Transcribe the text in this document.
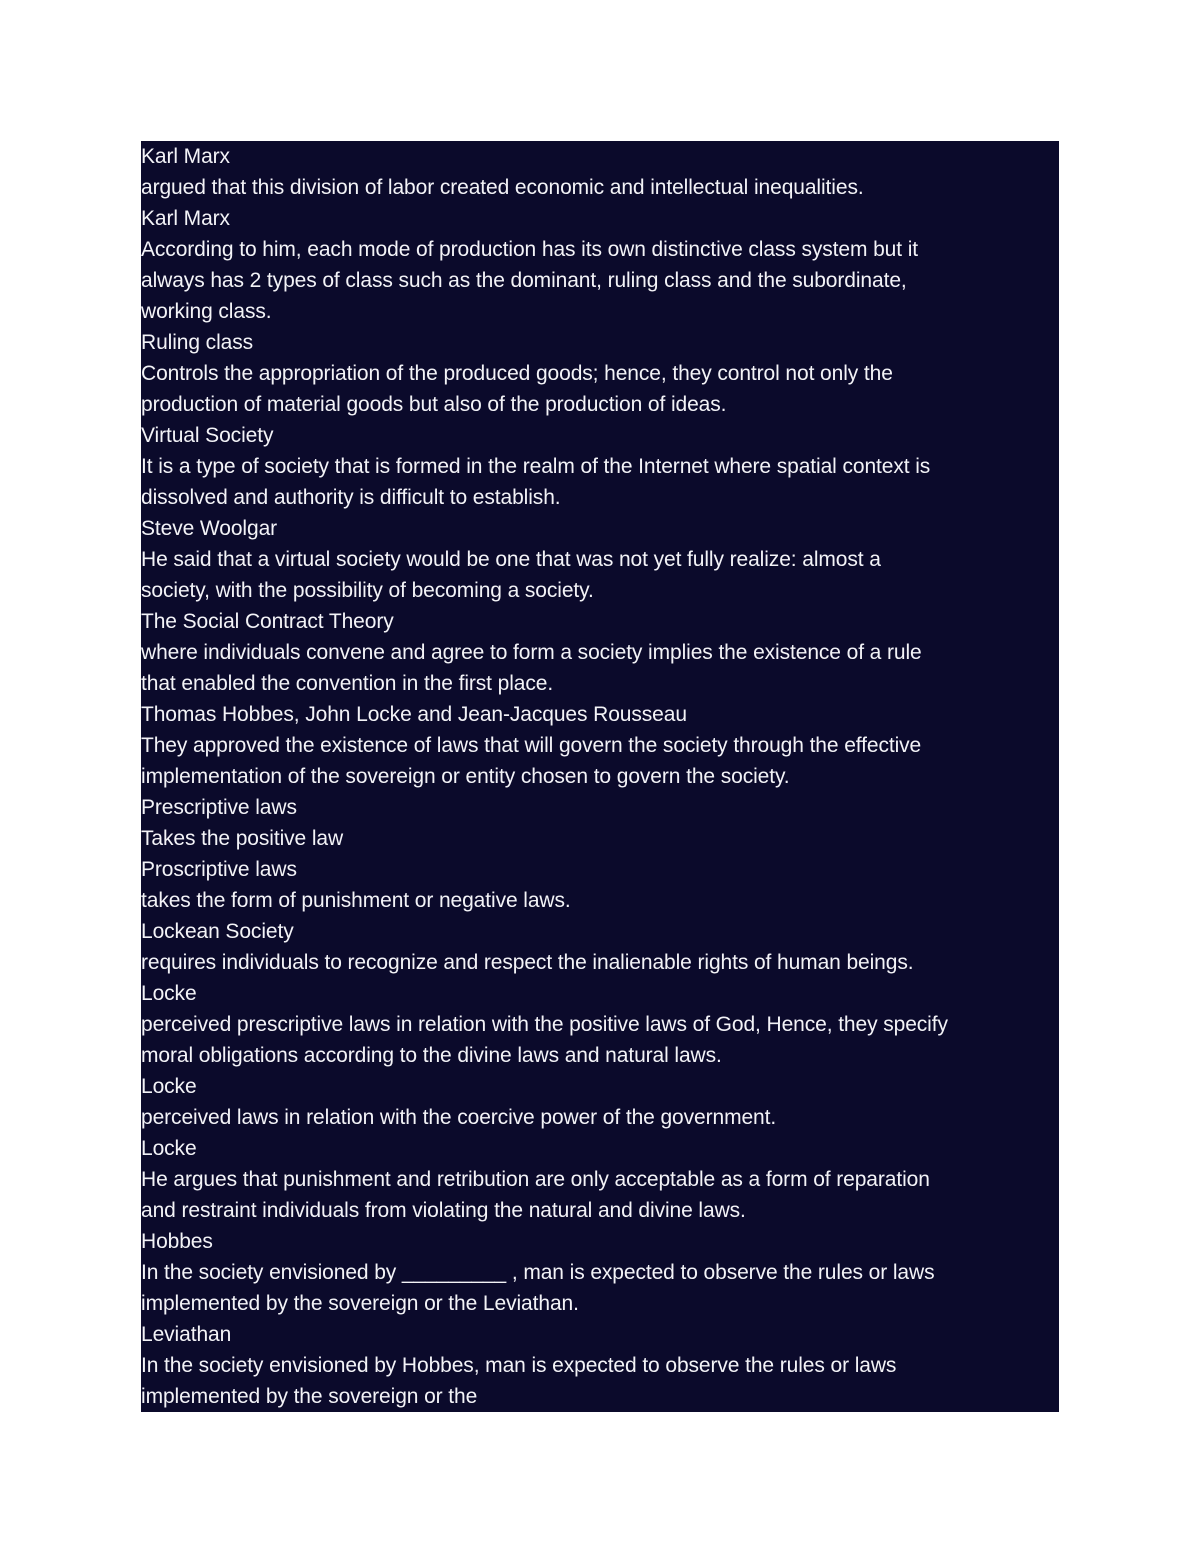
Karl Marx
argued that this division of labor created economic and intellectual inequalities.
Karl Marx
According to him, each mode of production has its own distinctive class system but it
always has 2 types of class such as the dominant, ruling class and the subordinate,
working class.
Ruling class
Controls the appropriation of the produced goods; hence, they control not only the
production of material goods but also of the production of ideas.
Virtual Society
It is a type of society that is formed in the realm of the Internet where spatial context is
dissolved and authority is difficult to establish.
Steve Woolgar
He said that a virtual society would be one that was not yet fully realize: almost a
society, with the possibility of becoming a society.
The Social Contract Theory
where individuals convene and agree to form a society implies the existence of a rule
that enabled the convention in the first place.
Thomas Hobbes, John Locke and Jean-Jacques Rousseau
They approved the existence of laws that will govern the society through the effective
implementation of the sovereign or entity chosen to govern the society.
Prescriptive laws
Takes the positive law
Proscriptive laws
takes the form of punishment or negative laws.
Lockean Society
requires individuals to recognize and respect the inalienable rights of human beings.
Locke
perceived prescriptive laws in relation with the positive laws of God, Hence, they specify
moral obligations according to the divine laws and natural laws.
Locke
perceived laws in relation with the coercive power of the government.
Locke
He argues that punishment and retribution are only acceptable as a form of reparation
and restraint individuals from violating the natural and divine laws.
Hobbes
In the society envisioned by _________ , man is expected to observe the rules or laws
implemented by the sovereign or the Leviathan.
Leviathan
In the society envisioned by Hobbes, man is expected to observe the rules or laws
implemented by the sovereign or the
